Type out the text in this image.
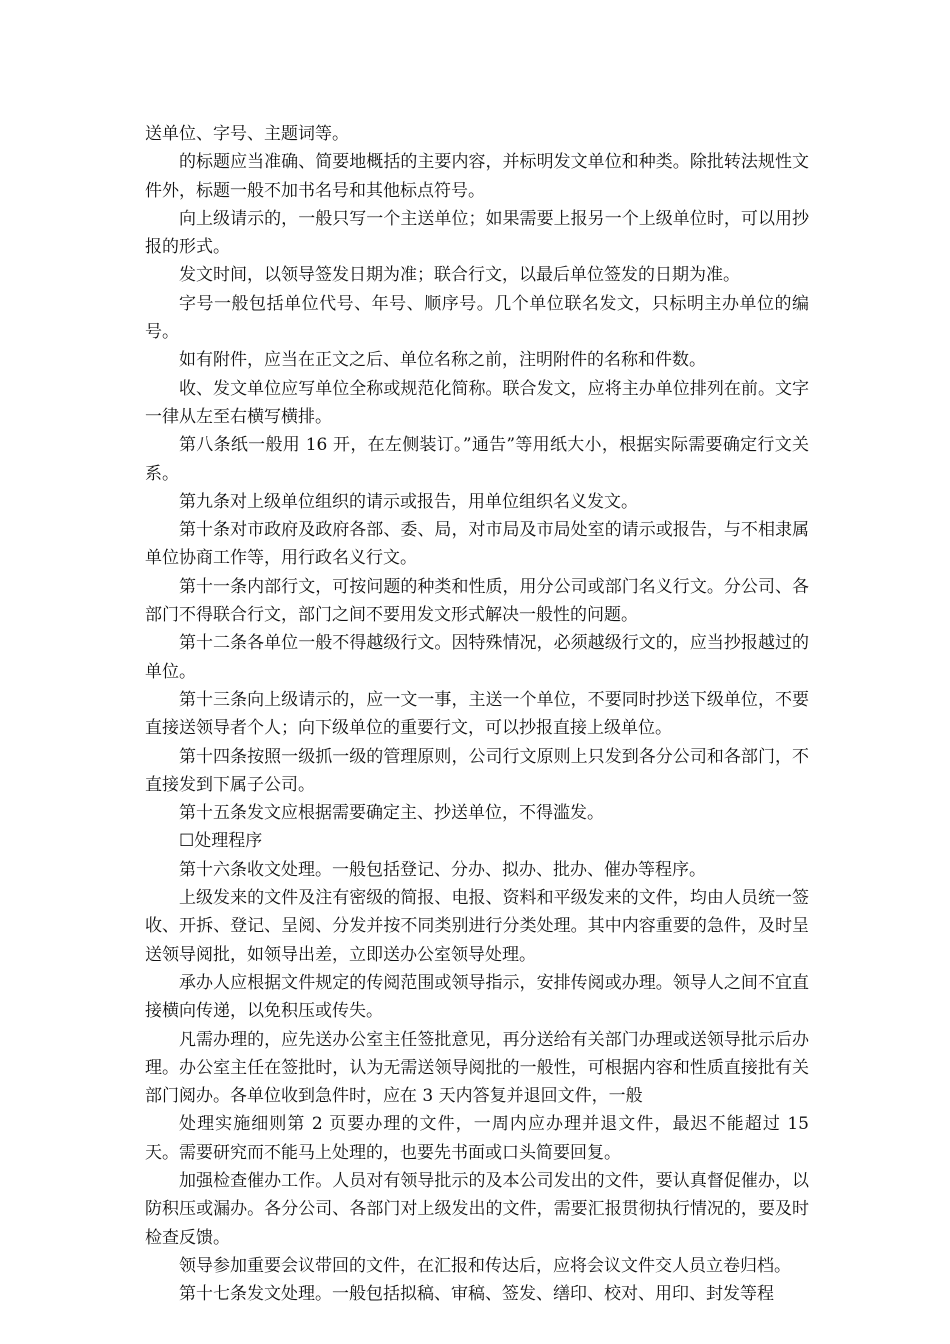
送单位、字号、主题词等。

的标题应当准确、简要地概括的主要内容，并标明发文单位和种类。除批转法规性文件外，标题一般不加书名号和其他标点符号。

向上级请示的，一般只写一个主送单位；如果需要上报另一个上级单位时，可以用抄报的形式。

发文时间，以领导签发日期为准；联合行文，以最后单位签发的日期为准。

字号一般包括单位代号、年号、顺序号。几个单位联名发文，只标明主办单位的编号。

如有附件，应当在正文之后、单位名称之前，注明附件的名称和件数。

收、发文单位应写单位全称或规范化简称。联合发文，应将主办单位排列在前。文字一律从左至右横写横排。

第八条纸一般用 16 开，在左侧装订。”通告”等用纸大小，根据实际需要确定行文关系。

第九条对上级单位组织的请示或报告，用单位组织名义发文。

第十条对市政府及政府各部、委、局，对市局及市局处室的请示或报告，与不相隶属单位协商工作等，用行政名义行文。

第十一条内部行文，可按问题的种类和性质，用分公司或部门名义行文。分公司、各部门不得联合行文，部门之间不要用发文形式解决一般性的问题。

第十二条各单位一般不得越级行文。因特殊情况，必须越级行文的，应当抄报越过的单位。

第十三条向上级请示的，应一文一事，主送一个单位，不要同时抄送下级单位，不要直接送领导者个人；向下级单位的重要行文，可以抄报直接上级单位。

第十四条按照一级抓一级的管理原则，公司行文原则上只发到各分公司和各部门，不直接发到下属子公司。

第十五条发文应根据需要确定主、抄送单位，不得滥发。

☐处理程序

第十六条收文处理。一般包括登记、分办、拟办、批办、催办等程序。

上级发来的文件及注有密级的简报、电报、资料和平级发来的文件，均由人员统一签收、开拆、登记、呈阅、分发并按不同类别进行分类处理。其中内容重要的急件，及时呈送领导阅批，如领导出差，立即送办公室领导处理。

承办人应根据文件规定的传阅范围或领导指示，安排传阅或办理。领导人之间不宜直接横向传递，以免积压或传失。

凡需办理的，应先送办公室主任签批意见，再分送给有关部门办理或送领导批示后办理。办公室主任在签批时，认为无需送领导阅批的一般性，可根据内容和性质直接批有关部门阅办。各单位收到急件时，应在 3 天内答复并退回文件，一般

处理实施细则第 2 页要办理的文件，一周内应办理并退文件，最迟不能超过 15 天。需要研究而不能马上处理的，也要先书面或口头简要回复。

加强检查催办工作。人员对有领导批示的及本公司发出的文件，要认真督促催办，以防积压或漏办。各分公司、各部门对上级发出的文件，需要汇报贯彻执行情况的，要及时检查反馈。

领导参加重要会议带回的文件，在汇报和传达后，应将会议文件交人员立卷归档。

第十七条发文处理。一般包括拟稿、审稿、签发、缮印、校对、用印、封发等程
